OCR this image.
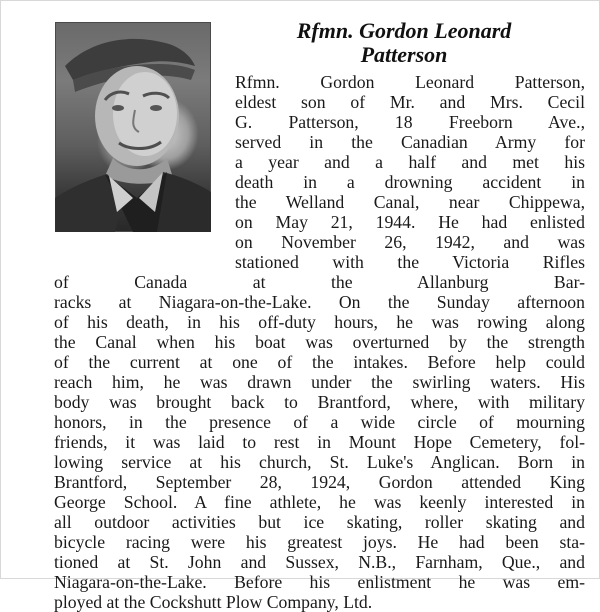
Rfmn. Gordon Leonard
Patterson
Rfmn. Gordon Leonard Patterson,
eldest son of Mr. and Mrs. Cecil
G. Patterson, 18 Freeborn Ave.,
served in the Canadian Army for
a year and a half and met his
death in a drowning accident in
the Welland Canal, near Chippewa,
on May 21, 1944. He had enlisted
on November 26, 1942, and was
stationed with the Victoria Rifles
of Canada at the Allanburg Bar-
racks at Niagara-on-the-Lake. On the Sunday afternoon
of his death, in his off-duty hours, he was rowing along
the Canal when his boat was overturned by the strength
of the current at one of the intakes. Before help could
reach him, he was drawn under the swirling waters. His
body was brought back to Brantford, where, with military
honors, in the presence of a wide circle of mourning
friends, it was laid to rest in Mount Hope Cemetery, fol-
lowing service at his church, St. Luke's Anglican. Born in
Brantford, September 28, 1924, Gordon attended King
George School. A fine athlete, he was keenly interested in
all outdoor activities but ice skating, roller skating and
bicycle racing were his greatest joys. He had been sta-
tioned at St. John and Sussex, N.B., Farnham, Que., and
Niagara-on-the-Lake. Before his enlistment he was em-
ployed at the Cockshutt Plow Company, Ltd.
